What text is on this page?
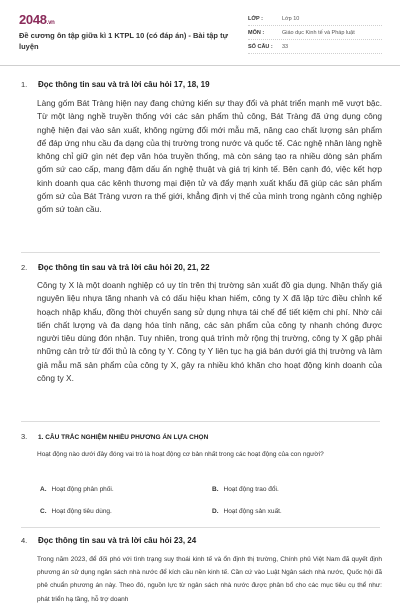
2048.vn
Đề cương ôn tập giữa kì 1 KTPL 10 (có đáp án) - Bài tập tự luyện
LỚP :	Lớp 10
MÔN :	Giáo dục Kinh tế và Pháp luật
SỐ CÂU :	33
1.	Đọc thông tin sau và trả lời câu hỏi 17, 18, 19
Làng gốm Bát Tràng hiện nay đang chứng kiến sự thay đổi và phát triển mạnh mẽ vượt bậc. Từ một làng nghề truyền thống với các sản phẩm thủ công, Bát Tràng đã ứng dụng công nghệ hiện đại vào sản xuất, không ngừng đổi mới mẫu mã, nâng cao chất lượng sản phẩm để đáp ứng nhu cầu đa dạng của thị trường trong nước và quốc tế. Các nghệ nhân làng nghề không chỉ giữ gìn nét đẹp văn hóa truyền thống, mà còn sáng tạo ra nhiều dòng sản phẩm gốm sứ cao cấp, mang đậm dấu ấn nghệ thuật và giá trị kinh tế. Bên cạnh đó, việc kết hợp kinh doanh qua các kênh thương mại điện tử và đẩy mạnh xuất khẩu đã giúp các sản phẩm gốm sứ của Bát Tràng vươn ra thế giới, khẳng định vị thế của mình trong ngành công nghiệp gốm sứ toàn cầu.
2.	Đọc thông tin sau và trả lời câu hỏi 20, 21, 22
Công ty X là một doanh nghiệp có uy tín trên thị trường sản xuất đồ gia dụng. Nhận thấy giá nguyên liệu nhựa tăng nhanh và có dấu hiệu khan hiếm, công ty X đã lập tức điều chỉnh kế hoạch nhập khẩu, đồng thời chuyển sang sử dụng nhựa tái chế để tiết kiệm chi phí. Nhờ cải tiến chất lượng và đa dạng hóa tính năng, các sản phẩm của công ty nhanh chóng được người tiêu dùng đón nhận. Tuy nhiên, trong quá trình mở rộng thị trường, công ty X gặp phải những cản trở từ đối thủ là công ty Y. Công ty Y liên tục hạ giá bán dưới giá thị trường và làm giả mẫu mã sản phẩm của công ty X, gây ra nhiều khó khăn cho hoạt động kinh doanh của công ty X.
3.	1. CÂU TRẮC NGHIỆM NHIỀU PHƯƠNG ÁN LỰA CHỌN
Hoạt động nào dưới đây đóng vai trò là hoạt động cơ bản nhất trong các hoạt động của con người?
A. Hoạt động phân phối.	B. Hoạt động trao đổi.
C. Hoạt động tiêu dùng.	D. Hoạt động sản xuất.
4.	Đọc thông tin sau và trả lời câu hỏi 23, 24
Trong năm 2023, để đối phó với tình trạng suy thoái kinh tế và ổn định thị trường, Chính phủ Việt Nam đã quyết định phương án sử dụng ngân sách nhà nước để kích cầu nền kinh tế. Cần cứ vào Luật Ngân sách nhà nước, Quốc hội đã phê chuẩn phương án này. Theo đó, nguồn lực từ ngân sách nhà nước được phân bổ cho các mục tiêu cụ thể như: phát triển hạ tầng, hỗ trợ doanh
